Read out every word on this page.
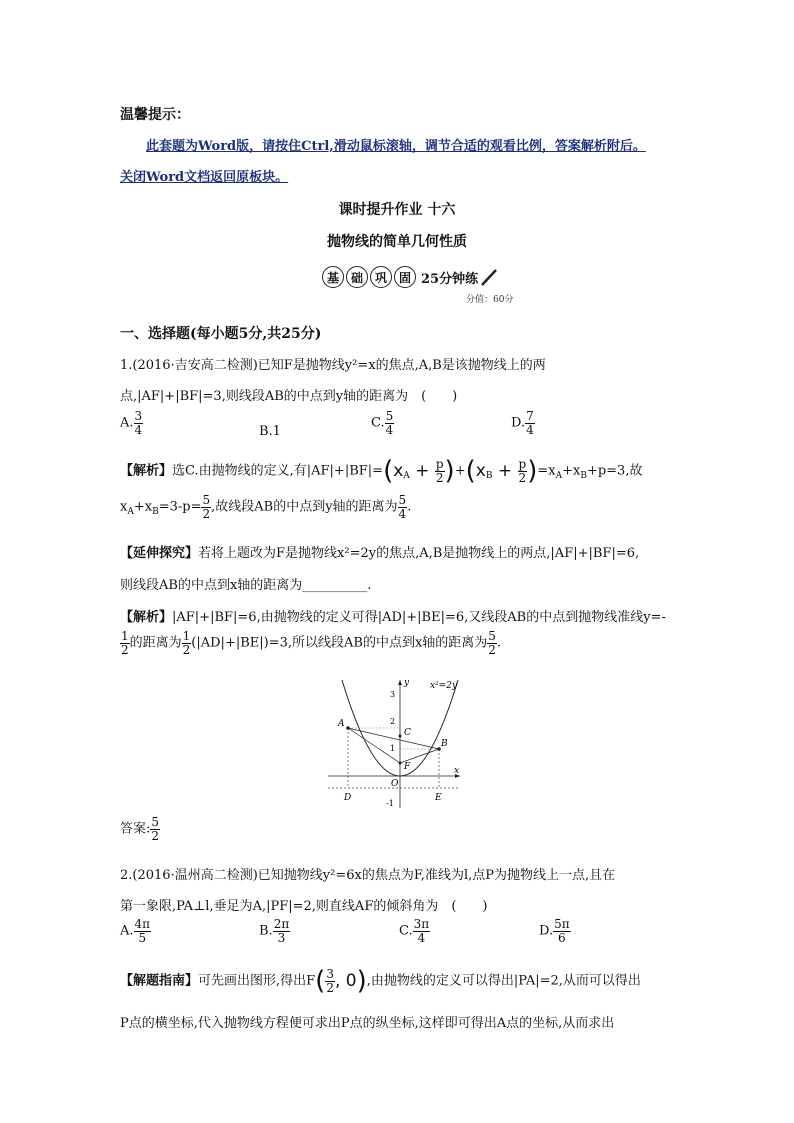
温馨提示：
此套题为Word版，请按住Ctrl,滑动鼠标滚轴，调节合适的观看比例，答案解析附后。
关闭Word文档返回原板块。
课时提升作业 十六
抛物线的简单几何性质
基 础 巩 固 25分钟练
分值：60分
一、选择题(每小题5分,共25分)
1.(2016·吉安高二检测)已知F是抛物线y²=x的焦点,A,B是该抛物线上的两
点,|AF|+|BF|=3,则线段AB的中点到y轴的距离为　(　　)
A. $\frac{3}{4}$	B.1
C. $\frac{5}{4}$	D. $\frac{7}{4}$
【解析】选C.由抛物线的定义,有$|AF|+|BF|=(x_A + \frac{p}{2} )+(x_B + \frac{p}{2} )=x_A+x_B+p=3$,故
$x_A+x_B=3-p= \frac{5}{2}$ ,故线段AB的中点到y轴的距离为 $\frac{5}{4}$ .
【延伸探究】若将上题改为F是抛物线x²=2y的焦点,A,B是抛物线上的两点,|AF|+|BF|=6,
则线段AB的中点到x轴的距离为__________.
【解析】|AF|+|BF|=6,由抛物线的定义可得|AD|+|BE|=6,又线段AB的中点到抛物线准线y=-
$\frac{1}{2}$ 的距离为 $\frac{1}{2} (|AD|+|BE|)=3$,所以线段AB的中点到x轴的距离为 $\frac{5}{2}$ .
x²=2y
y
x
3
2
1
-1
A
B
C
F
O
D	E
答案: $\frac{5}{2}$
2.(2016·温州高二检测)已知抛物线y²=6x的焦点为F,准线为l,点P为抛物线上一点,且在
第一象限,PA⊥l,垂足为A,|PF|=2,则直线AF的倾斜角为　(　　)
A. $\frac{4\pi}{5}$	B. $\frac{2\pi}{3}$	C. $\frac{3\pi}{4}$	D. $\frac{5\pi}{6}$
【解题指南】可先画出图形,得出$F( \frac{3}{2}$ , 0),由抛物线的定义可以得出|PA|=2,从而可以得出
P点的横坐标,代入抛物线方程便可求出P点的纵坐标,这样即可得出A点的坐标,从而求出
